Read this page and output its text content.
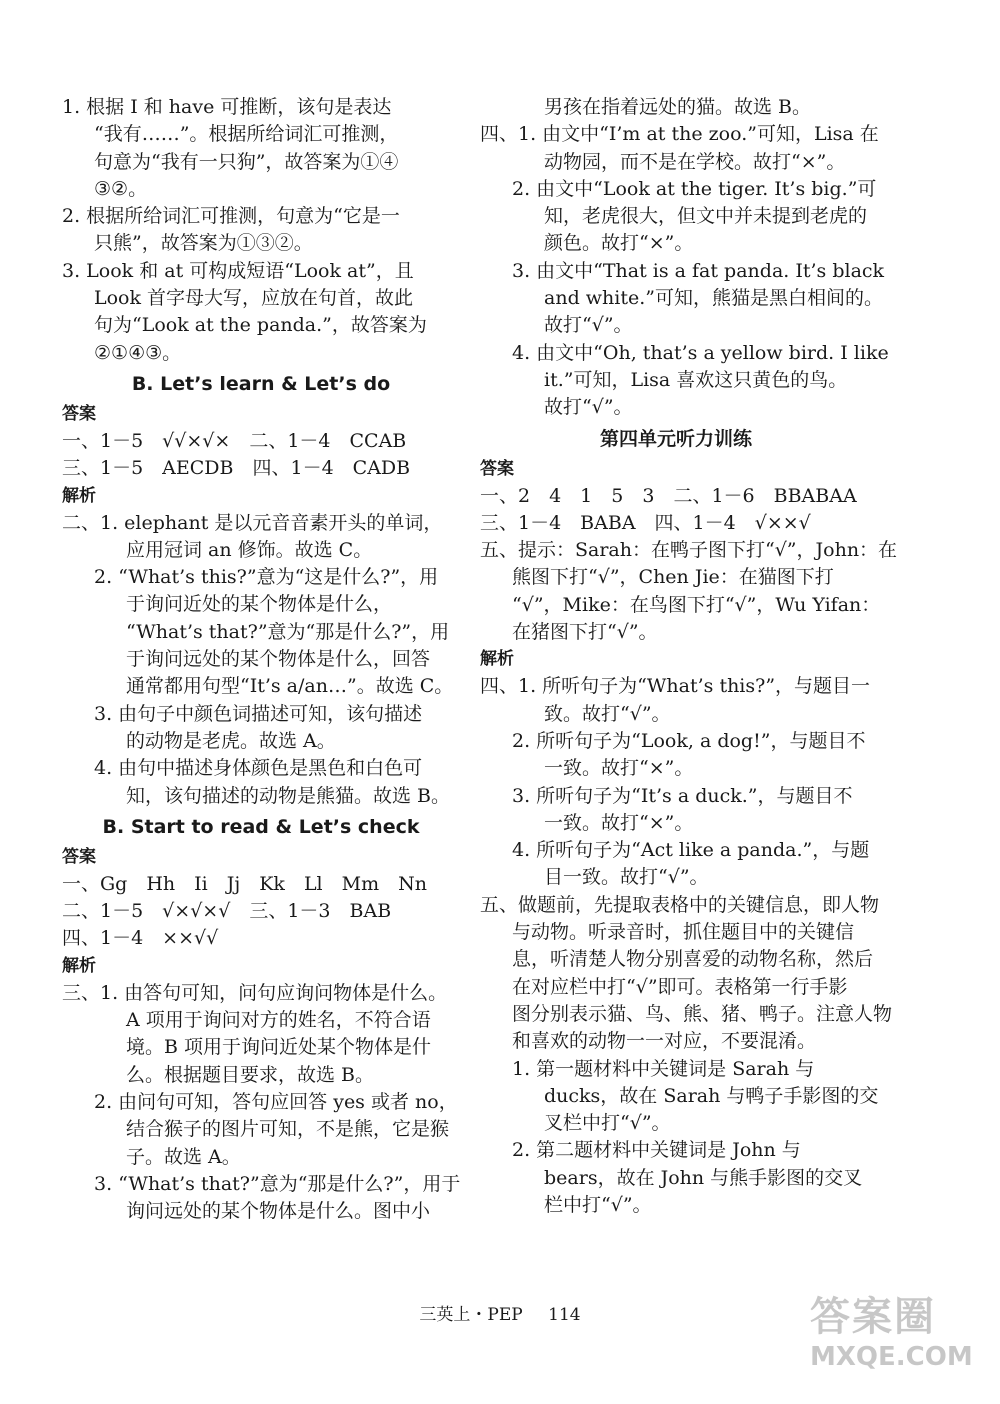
1. 根据 I 和 have 可推断，该句是表达

“我有……”。根据所给词汇可推测，

句意为“我有一只狗”，故答案为①④

③②。

2. 根据所给词汇可推测，句意为“它是一

只熊”，故答案为①③②。

3. Look 和 at 可构成短语“Look at”，且

Look 首字母大写，应放在句首，故此

句为“Look at the panda.”，故答案为

②①④③。

B. Let’s learn & Let’s do
答案

一、1－5　√√×√×　二、1－4　CCAB

三、1－5　AECDB　四、1－4　CADB

解析

二、1. elephant 是以元音音素开头的单词，

应用冠词 an 修饰。故选 C。

2. “What’s this?”意为“这是什么?”，用

于询问近处的某个物体是什么，

“What’s that?”意为“那是什么?”，用

于询问远处的某个物体是什么，回答

通常都用句型“It’s a/an…”。故选 C。

3. 由句子中颜色词描述可知，该句描述

的动物是老虎。故选 A。

4. 由句中描述身体颜色是黑色和白色可

知，该句描述的动物是熊猫。故选 B。

B. Start to read & Let’s check
答案

一、Gg　Hh　Ii　Jj　Kk　Ll　Mm　Nn

二、1－5　√×√×√　三、1－3　BAB

四、1－4　××√√

解析

三、1. 由答句可知，问句应询问物体是什么。

A 项用于询问对方的姓名，不符合语

境。B 项用于询问近处某个物体是什

么。根据题目要求，故选 B。

2. 由问句可知，答句应回答 yes 或者 no，

结合猴子的图片可知，不是熊，它是猴

子。故选 A。

3. “What’s that?”意为“那是什么?”，用于

询问远处的某个物体是什么。图中小

男孩在指着远处的猫。故选 B。

四、1. 由文中“I’m at the zoo.”可知，Lisa 在

动物园，而不是在学校。故打“×”。

2. 由文中“Look at the tiger. It’s big.”可

知，老虎很大，但文中并未提到老虎的

颜色。故打“×”。

3. 由文中“That is a fat panda. It’s black

and white.”可知，熊猫是黑白相间的。

故打“√”。

4. 由文中“Oh, that’s a yellow bird. I like

it.”可知，Lisa 喜欢这只黄色的鸟。

故打“√”。

第四单元听力训练
答案

一、2　4　1　5　3　二、1－6　BBABAA

三、1－4　BABA　四、1－4　√××√

五、提示：Sarah：在鸭子图下打“√”，John：在

熊图下打“√”，Chen Jie：在猫图下打

“√”，Mike：在鸟图下打“√”，Wu Yifan：

在猪图下打“√”。

解析

四、1. 所听句子为“What’s this?”，与题目一

致。故打“√”。

2. 所听句子为“Look, a dog!”，与题目不

一致。故打“×”。

3. 所听句子为“It’s a duck.”，与题目不

一致。故打“×”。

4. 所听句子为“Act like a panda.”，与题

目一致。故打“√”。

五、做题前，先提取表格中的关键信息，即人物

与动物。听录音时，抓住题目中的关键信

息，听清楚人物分别喜爱的动物名称，然后

在对应栏中打“√”即可。表格第一行手影

图分别表示猫、鸟、熊、猪、鸭子。注意人物

和喜欢的动物一一对应，不要混淆。

1. 第一题材料中关键词是 Sarah 与

ducks，故在 Sarah 与鸭子手影图的交

叉栏中打“√”。

2. 第二题材料中关键词是 John 与

bears，故在 John 与熊手影图的交叉

栏中打“√”。

三英上・PEP 114	答案圈
MXQE.COM
